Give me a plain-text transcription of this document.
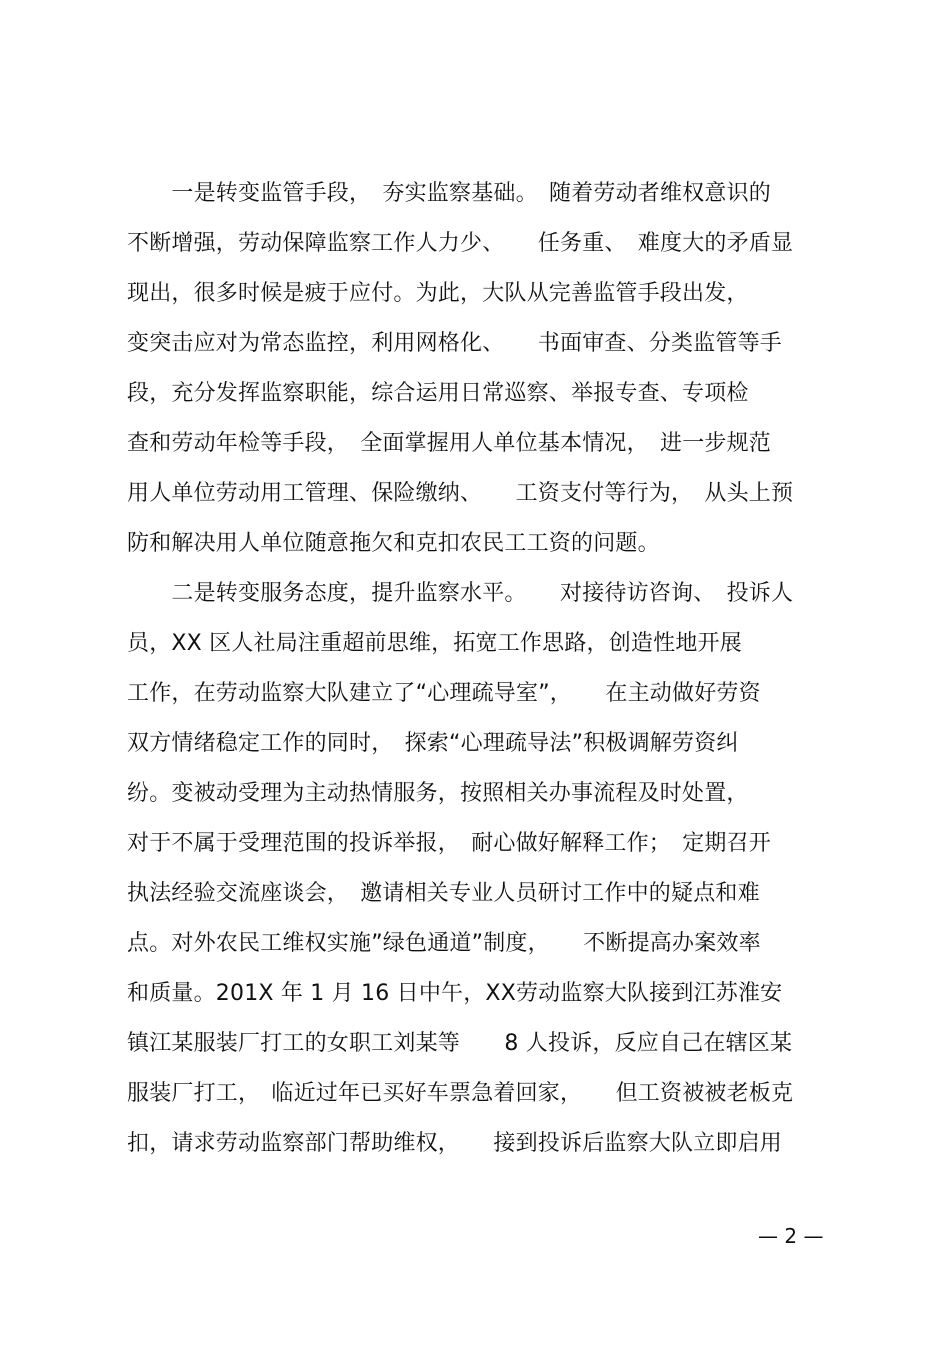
　　一是转变监管手段，　夯实监察基础。　随着劳动者维权意识的
不断增强，劳动保障监察工作人力少、　　任务重、　难度大的矛盾显
现出，很多时候是疲于应付。为此，大队从完善监管手段出发，
变突击应对为常态监控，利用网格化、　　书面审查、分类监管等手
段，充分发挥监察职能，综合运用日常巡察、举报专查、专项检
查和劳动年检等手段，　全面掌握用人单位基本情况，　进一步规范
用人单位劳动用工管理、保险缴纳、　　工资支付等行为，　从头上预
防和解决用人单位随意拖欠和克扣农民工工资的问题。
　　二是转变服务态度，提升监察水平。　　对接待访咨询、　投诉人
员，XX 区人社局注重超前思维，拓宽工作思路，创造性地开展
工作，在劳动监察大队建立了“心理疏导室”，　　在主动做好劳资
双方情绪稳定工作的同时，　探索“心理疏导法”积极调解劳资纠
纷。变被动受理为主动热情服务，按照相关办事流程及时处置，
对于不属于受理范围的投诉举报，　耐心做好解释工作；　定期召开
执法经验交流座谈会，　邀请相关专业人员研讨工作中的疑点和难
点。对外农民工维权实施”绿色通道”制度，　　不断提高办案效率
和质量。201X 年 1 月 16 日中午，XX劳动监察大队接到江苏淮安
镇江某服装厂打工的女职工刘某等　　8 人投诉，反应自己在辖区某
服装厂打工，　临近过年已买好车票急着回家，　　但工资被被老板克
扣，请求劳动监察部门帮助维权，　　接到投诉后监察大队立即启用
— 2 —
